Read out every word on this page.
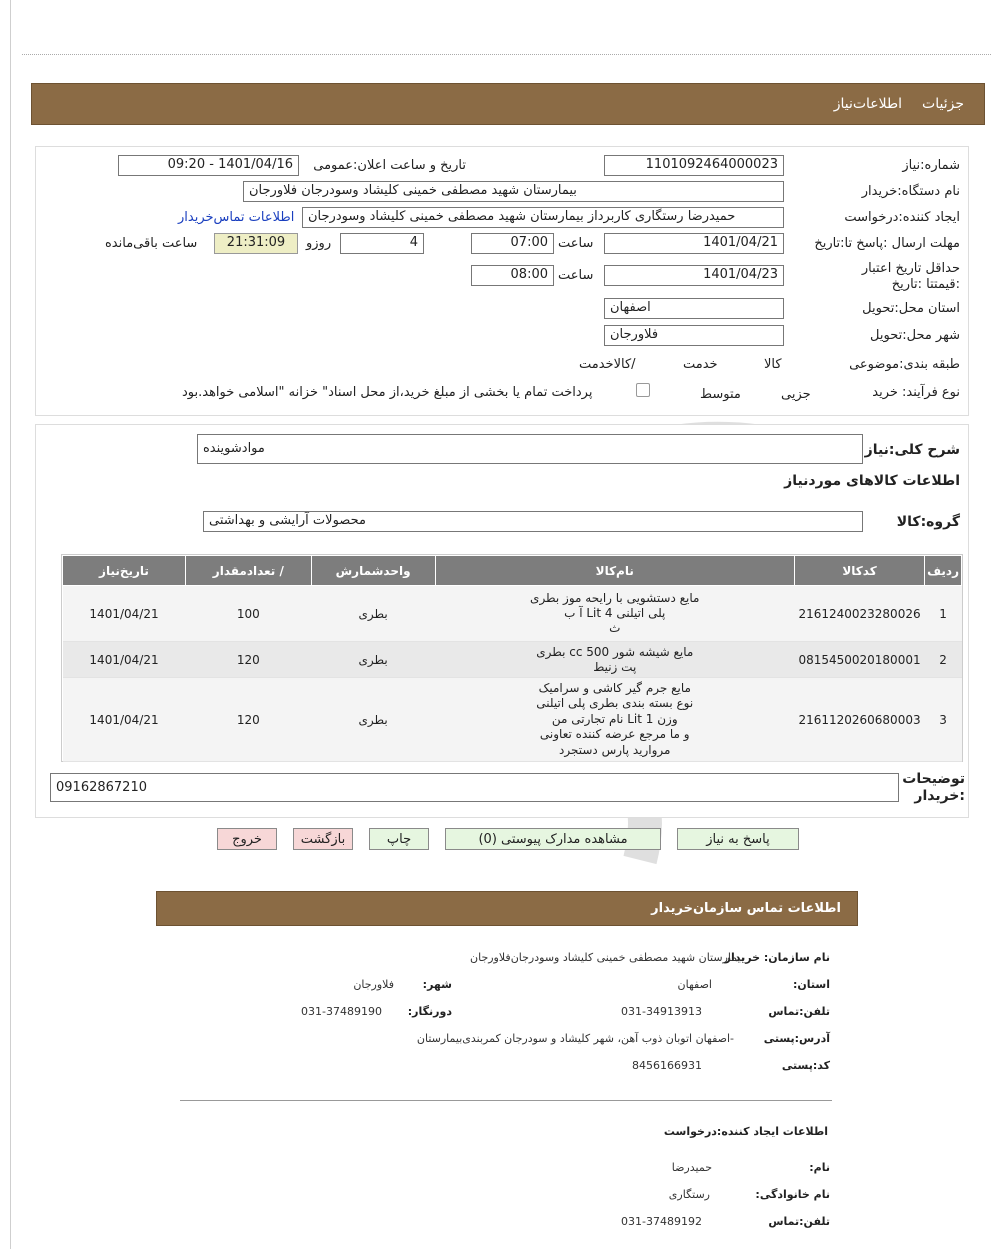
جزئیات
اطلاعات‌نیاز
شماره:نیاز
1101092464000023
تاریخ و ساعت اعلان:عمومی
1401/04/16 - 09:20
نام دستگاه:خریدار
بیمارستان شهید مصطفی خمینی کلیشاد وسودرجان فلاورجان
ایجاد کننده:درخواست
حمیدرضا رستگاری کاربرداز بیمارستان شهید مصطفی خمینی کلیشاد وسودرجان
اطلاعات تماس‌خریدار
مهلت ارسال :پاسخ تا:تاریخ
1401/04/21
ساعت
07:00
4
روزو
21:31:09
ساعت باقی‌مانده
حداقل تاریخ اعتبار :قیمتتا :تاریخ
1401/04/23
ساعت
08:00
استان محل:تحویل
اصفهان
شهر محل:تحویل
فلاورجان
طبقه بندی:موضوعی

کالا

خدمت

/کالاخدمت
نوع فرآیند: خرید

جزیی
متوسط
پرداخت تمام یا بخشی از مبلغ خرید،از محل اسناد" خزانه "اسلامی خواهد.بود
شرح کلی:نیاز
موادشوینده
اطلاعات کالاهای موردنیاز
گروه:کالا
محصولات آرایشی و بهداشتی
ردیف	کدکالا	نام‌کالا	واحدشمارش	/ تعدادمقدار	تاریخ‌نیاز
1	2161240023280026	مایع دستشویی با رایحه موز بطری
پلی اتیلنی 4 Lit آ ب
ث	بطری	100	1401/04/21
2	0815450020180001	مایع شیشه شور 500 cc بطری
پت زنیط	بطری	120	1401/04/21
3	2161120260680003	مایع جرم گیر کاشی و سرامیک
نوع بسته بندی بطری پلی اتیلنی
وزن 1 Lit نام تجارتی من
و ما مرجع عرضه کننده تعاونی
مروارید پارس دستجرد	بطری	120	1401/04/21
توضیحات
:خریدار
09162867210
پاسخ به نیاز
مشاهده مدارک پیوستی (0)
چاپ
بازگشت
خروج
اطلاعات تماس سازمان‌خریدار
نام سازمان: خریدار
بیمارستان شهید مصطفی خمینی کلیشاد وسودرجان‌فلاورجان
استان:
اصفهان
شهر:
فلاورجان
تلفن:تماس
031-34913913
دورنگار:
031-37489190
آدرس:پستی
-اصفهان اتوبان ذوب آهن، شهر کلیشاد و سودرجان کمربندی‌بیمارستان
کد:پستی
8456166931
اطلاعات ایجاد کننده:درخواست
نام:
حمیدرضا
نام خانوادگی:
رستگاری
تلفن:تماس
031-37489192
